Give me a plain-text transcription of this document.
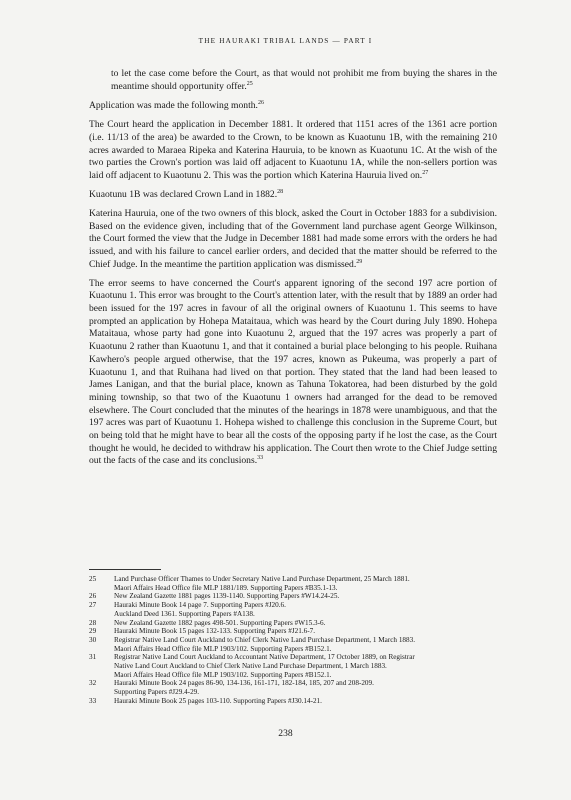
THE HAURAKI TRIBAL LANDS — PART I

to let the case come before the Court, as that would not prohibit me from buying the shares in the meantime should opportunity offer.$^{25}$

Application was made the following month.$^{26}$

The Court heard the application in December 1881. It ordered that 1151 acres of the 1361 acre portion (i.e. 11/13 of the area) be awarded to the Crown, to be known as Kuaotunu 1B, with the remaining 210 acres awarded to Maraea Ripeka and Katerina Hauruia, to be known as Kuaotunu 1C. At the wish of the two parties the Crown's portion was laid off adjacent to Kuaotunu 1A, while the non-sellers portion was laid off adjacent to Kuaotunu 2. This was the portion which Katerina Hauruia lived on.$^{27}$

Kuaotunu 1B was declared Crown Land in 1882.28

Katerina Hauruia, one of the two owners of this block, asked the Court in October 1883 for a subdivision. Based on the evidence given, including that of the Government land purchase agent George Wilkinson, the Court formed the view that the Judge in December 1881 had made some errors with the orders he had issued, and with his failure to cancel earlier orders, and decided that the matter should be referred to the Chief Judge. In the meantime the partition application was dismissed.$^{29}$

The error seems to have concerned the Court's apparent ignoring of the second 197 acre portion of Kuaotunu 1. This error was brought to the Court's attention later, with the result that by 1889 an order had been issued for the 197 acres in favour of all the original owners of Kuaotunu 1. This seems to have prompted an application by Hohepa Mataitaua, which was heard by the Court during July 1890. Hohepa Mataitaua, whose party had gone into Kuaotunu 2, argued that the 197 acres was properly a part of Kuaotunu 2 rather than Kuaotunu 1, and that it contained a burial place belonging to his people. Ruihana Kawhero's people argued otherwise, that the 197 acres, known as Pukeuma, was properly a part of Kuaotunu 1, and that Ruihana had lived on that portion. They stated that the land had been leased to James Lanigan, and that the burial place, known as Tahuna Tokatorea, had been disturbed by the gold mining township, so that two of the Kuaotunu 1 owners had arranged for the dead to be removed elsewhere. The Court concluded that the minutes of the hearings in 1878 were unambiguous, and that the 197 acres was part of Kuaotunu 1. Hohepa wished to challenge this conclusion in the Supreme Court, but on being told that he might have to bear all the costs of the opposing party if he lost the case, as the Court thought he would, he decided to withdraw his application. The Court then wrote to the Chief Judge setting out the facts of the case and its conclusions.$^{33}$

25	Land Purchase Officer Thames to Under Secretary Native Land Purchase Department, 25 March 1881.
Maori Affairs Head Office file MLP 1881/189. Supporting Papers #B35.1-13.
26	New Zealand Gazette 1881 pages 1139-1140. Supporting Papers #W14.24-25.
27	Hauraki Minute Book 14 page 7. Supporting Papers #J20.6.
Auckland Deed 1361. Supporting Papers #A138.
28	New Zealand Gazette 1882 pages 498-501. Supporting Papers #W15.3-6.
29	Hauraki Minute Book 15 pages 132-133. Supporting Papers #J21.6-7.
30	Registrar Native Land Court Auckland to Chief Clerk Native Land Purchase Department, 1 March 1883.
Maori Affairs Head Office file MLP 1903/102. Supporting Papers #B152.1.
31	Registrar Native Land Court Auckland to Accountant Native Department, 17 October 1889, on Registrar
Native Land Court Auckland to Chief Clerk Native Land Purchase Department, 1 March 1883.
Maori Affairs Head Office file MLP 1903/102. Supporting Papers #B152.1.
32	Hauraki Minute Book 24 pages 86-90, 134-136, 161-171, 182-184, 185, 207 and 208-209.
Supporting Papers #J29.4-29.
33	Hauraki Minute Book 25 pages 103-110. Supporting Papers #J30.14-21.
238
